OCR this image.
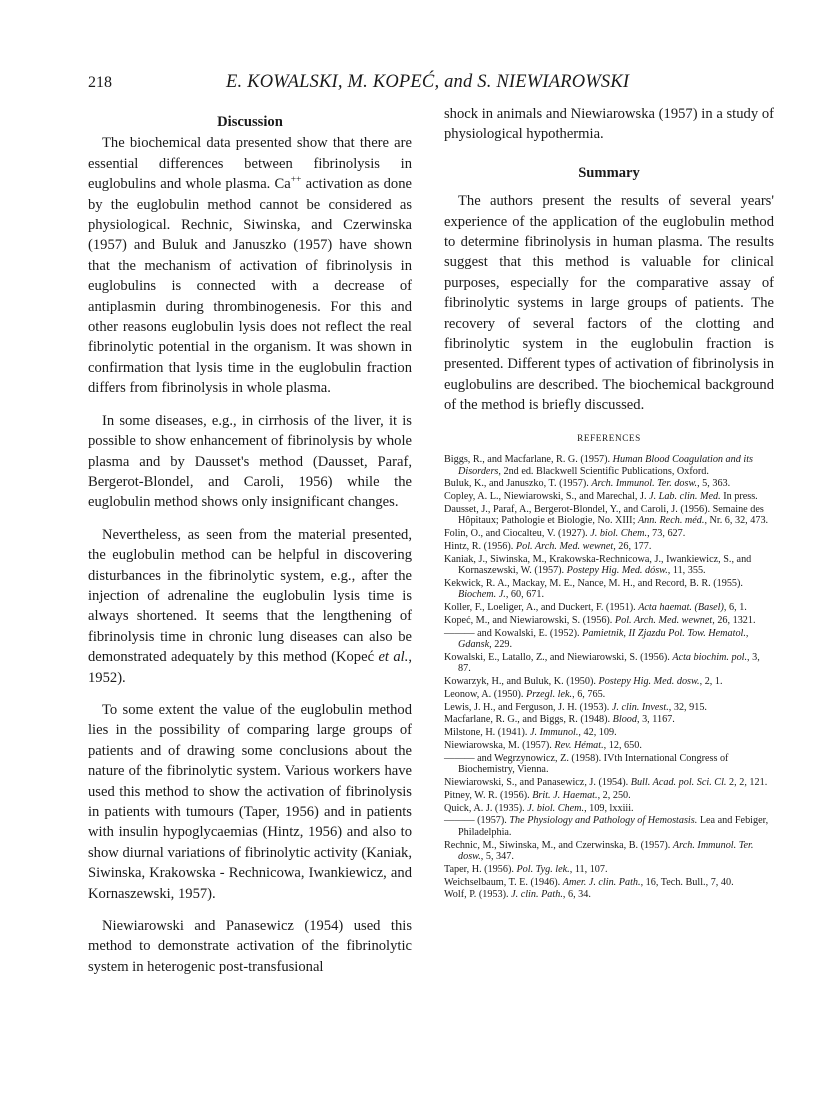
218	E. KOWALSKI, M. KOPEĆ, and S. NIEWIAROWSKI
Discussion

The biochemical data presented show that there are essential differences between fibrinolysis in euglobulins and whole plasma. Ca++ activation as done by the euglobulin method cannot be considered as physiological. Rechnic, Siwinska, and Czerwinska (1957) and Buluk and Januszko (1957) have shown that the mechanism of activation of fibrinolysis in euglobulins is connected with a decrease of antiplasmin during thrombinogenesis. For this and other reasons euglobulin lysis does not reflect the real fibrinolytic potential in the organism. It was shown in confirmation that lysis time in the euglobulin fraction differs from fibrinolysis in whole plasma.

In some diseases, e.g., in cirrhosis of the liver, it is possible to show enhancement of fibrinolysis by whole plasma and by Dausset's method (Dausset, Paraf, Bergerot-Blondel, and Caroli, 1956) while the euglobulin method shows only insignificant changes.

Nevertheless, as seen from the material presented, the euglobulin method can be helpful in discovering disturbances in the fibrinolytic system, e.g., after the injection of adrenaline the euglobulin lysis time is always shortened. It seems that the lengthening of fibrinolysis time in chronic lung diseases can also be demonstrated adequately by this method (Kopeć et al., 1952).

To some extent the value of the euglobulin method lies in the possibility of comparing large groups of patients and of drawing some conclusions about the nature of the fibrinolytic system. Various workers have used this method to show the activation of fibrinolysis in patients with tumours (Taper, 1956) and in patients with insulin hypoglycaemias (Hintz, 1956) and also to show diurnal variations of fibrinolytic activity (Kaniak, Siwinska, Krakowska - Rechnicowa, Iwankiewicz, and Kornaszewski, 1957).

Niewiarowski and Panasewicz (1954) used this method to demonstrate activation of the fibrinolytic system in heterogenic post-transfusional

shock in animals and Niewiarowska (1957) in a study of physiological hypothermia.

Summary

The authors present the results of several years' experience of the application of the euglobulin method to determine fibrinolysis in human plasma. The results suggest that this method is valuable for clinical purposes, especially for the comparative assay of fibrinolytic systems in large groups of patients. The recovery of several factors of the clotting and fibrinolytic system in the euglobulin fraction is presented. Different types of activation of fibrinolysis in euglobulins are described. The biochemical background of the method is briefly discussed.

REFERENCES
Biggs, R., and Macfarlane, R. G. (1957). Human Blood Coagulation and its Disorders, 2nd ed. Blackwell Scientific Publications, Oxford.
Buluk, K., and Januszko, T. (1957). Arch. Immunol. Ter. dosw., 5, 363.
Copley, A. L., Niewiarowski, S., and Marechal, J. J. Lab. clin. Med. In press.
Dausset, J., Paraf, A., Bergerot-Blondel, Y., and Caroli, J. (1956). Semaine des Hôpitaux; Pathologie et Biologie, No. XIII; Ann. Rech. méd., Nr. 6, 32, 473.
Folin, O., and Ciocalteu, V. (1927). J. biol. Chem., 73, 627.
Hintz, R. (1956). Pol. Arch. Med. wewnet, 26, 177.
Kaniak, J., Siwinska, M., Krakowska-Rechnicowa, J., Iwankiewicz, S., and Kornaszewski, W. (1957). Postepy Hig. Med. dósw., 11, 355.
Kekwick, R. A., Mackay, M. E., Nance, M. H., and Record, B. R. (1955). Biochem. J., 60, 671.
Koller, F., Loeliger, A., and Duckert, F. (1951). Acta haemat. (Basel), 6, 1.
Kopeć, M., and Niewiarowski, S. (1956). Pol. Arch. Med. wewnet, 26, 1321.
——— and Kowalski, E. (1952). Pamietnik, II Zjazdu Pol. Tow. Hematol., Gdansk, 229.
Kowalski, E., Latallo, Z., and Niewiarowski, S. (1956). Acta biochim. pol., 3, 87.
Kowarzyk, H., and Buluk, K. (1950). Postepy Hig. Med. dosw., 2, 1.
Leonow, A. (1950). Przegl. lek., 6, 765.
Lewis, J. H., and Ferguson, J. H. (1953). J. clin. Invest., 32, 915.
Macfarlane, R. G., and Biggs, R. (1948). Blood, 3, 1167.
Milstone, H. (1941). J. Immunol., 42, 109.
Niewiarowska, M. (1957). Rev. Hémat., 12, 650.
——— and Wegrzynowicz, Z. (1958). IVth International Congress of Biochemistry, Vienna.
Niewiarowski, S., and Panasewicz, J. (1954). Bull. Acad. pol. Sci. Cl. 2, 2, 121.
Pitney, W. R. (1956). Brit. J. Haemat., 2, 250.
Quick, A. J. (1935). J. biol. Chem., 109, lxxiii.
——— (1957). The Physiology and Pathology of Hemostasis. Lea and Febiger, Philadelphia.
Rechnic, M., Siwinska, M., and Czerwinska, B. (1957). Arch. Immunol. Ter. dosw., 5, 347.
Taper, H. (1956). Pol. Tyg. lek., 11, 107.
Weichselbaum, T. E. (1946). Amer. J. clin. Path., 16, Tech. Bull., 7, 40.
Wolf, P. (1953). J. clin. Path., 6, 34.
